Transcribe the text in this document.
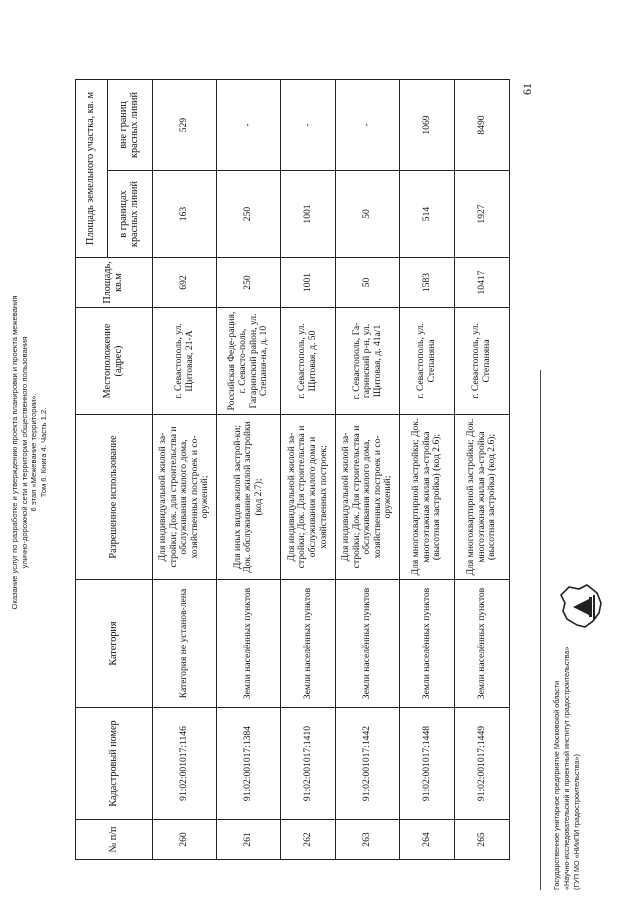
Оказание услуг по разработке и утверждению проекта планировки и проекта межевания улично-дорожной сети и территории общественного пользования 6 этап «Межевание территории». Том 6. Книга 4. Часть 1.2.
№ п/п	Кадастровый номер	Категория	Разрешенное использование	Местоположение (адрес)	Площадь, кв.м	Площадь земельного участка, кв. м	
						в границах красных линий	вне границ красных линий
260	91:02:001017:1146	Категория не установ-лена	Для индивидуальной жилой за-стройки; Док. для строительства и обслуживания жилого дома, хозяйственных построек и со-оружений;	г. Севастополь, ул. Щитовая, 21-А	692	163	529
261	91:02:001017:1384	Земли населённых пунктов	Для иных видов жилой застрой-ки; Док. обслуживание жилой застройки (код 2.7);	Российская Феде-рация, г. Севасто-поль, Гагаринский район, ул. Степаня-на, д. 10	250	250	-
262	91:02:001017:1410	Земли населённых пунктов	Для индивидуальной жилой за-стройки; Док. Для строительства и обслуживания жилого дома и хозяйственных построек;	г. Севастополь, ул. Щитовая, д. 50	1001	1001	-
263	91:02:001017:1442	Земли населённых пунктов	Для индивидуальной жилой за-стройки; Док. Для строительства и обслуживания жилого дома, хозяйственных построек и со-оружений;	г. Севастополь, Га-гаринский р-н, ул. Щитовая, д. 41а/1	50	50	-
264	91:02:001017:1448	Земли населённых пунктов	Для многоквартирной застройки; Док. многоэтажная жилая за-стройка (высотная застройка) (код 2.6);	г. Севастополь, ул. Степаняна	1583	514	1069
265	91:02:001017:1449	Земли населённых пунктов	Для многоквартирной застройки; Док. многоэтажная жилая за-стройка (высотная застройка) (код 2.6);	г. Севастополь, ул. Степаняна	10417	1927	8490
61
Государственное унитарное предприятие Московской области «Научно-исследовательский и проектный институт градостроительства» (ГУП МО «НИиПИ градостроительства»)
